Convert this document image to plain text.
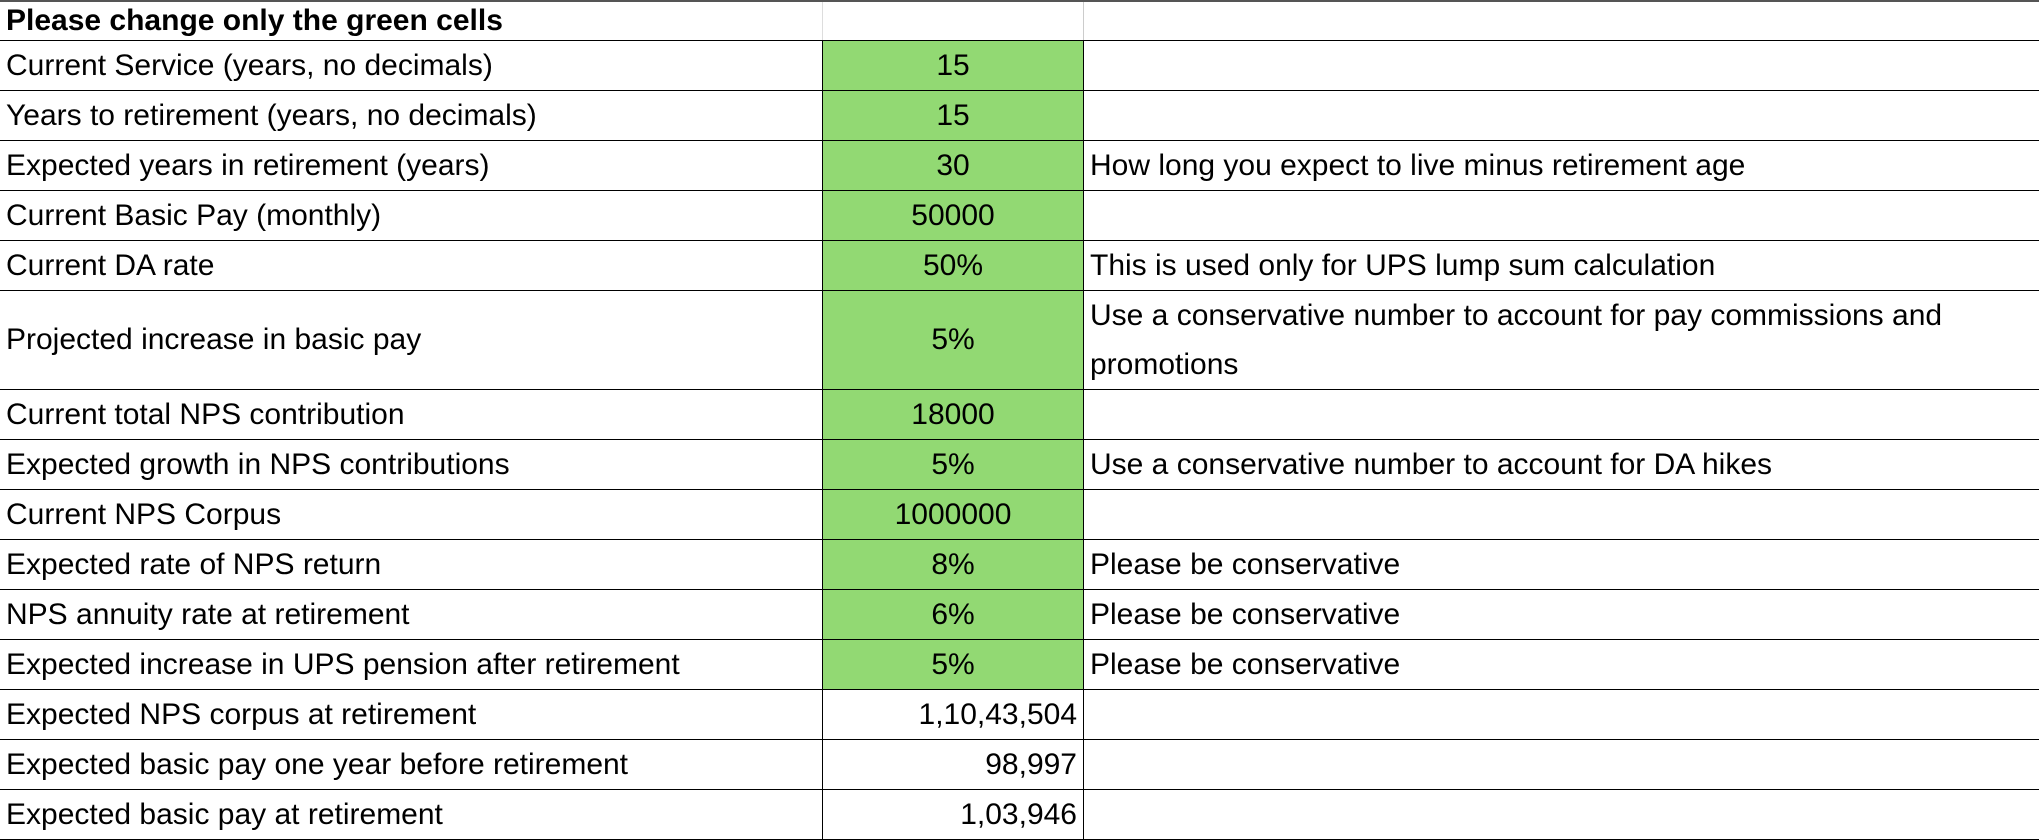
Please change only the green cells		
Current Service (years, no decimals)	15	
Years to retirement (years, no decimals)	15	
Expected years in retirement (years)	30	How long you expect to live minus retirement age
Current Basic Pay (monthly)	50000	
Current DA rate	50%	This is used only for UPS lump sum calculation
Projected increase in basic pay	5%	Use a conservative number to account for pay commissions and promotions
Current total NPS contribution	18000	
Expected growth in NPS contributions	5%	Use a conservative number to account for DA hikes
Current NPS Corpus	1000000	
Expected rate of NPS return	8%	Please be conservative
NPS annuity rate at retirement	6%	Please be conservative
Expected increase in UPS pension after retirement	5%	Please be conservative
Expected NPS corpus at retirement	1,10,43,504	
Expected basic pay one year before retirement	98,997	
Expected basic pay at retirement	1,03,946	
